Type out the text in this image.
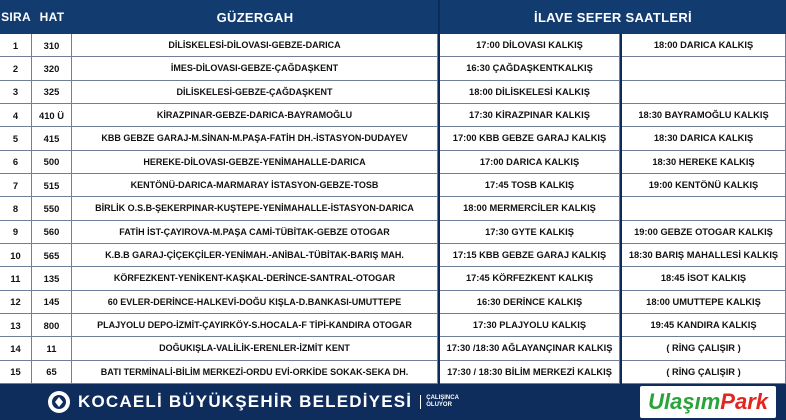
SIRA HAT	GÜZERGAH	İLAVE SEFER SAATLERİ
1	310	DİLİSKELESİ-DİLOVASI-GEBZE-DARICA	17:00 DİLOVASI KALKIŞ	18:00 DARICA KALKIŞ
2	320	İMES-DİLOVASI-GEBZE-ÇAĞDAŞKENT	16:30 ÇAĞDAŞKENTKALKIŞ
3	325	DİLİSKELESİ-GEBZE-ÇAĞDAŞKENT	18:00 DİLİSKELESİ KALKIŞ
4	410 Ü	KİRAZPINAR-GEBZE-DARICA-BAYRAMOĞLU	17:30 KİRAZPINAR KALKIŞ	18:30 BAYRAMOĞLU KALKIŞ
5	415	KBB GEBZE GARAJ-M.SİNAN-M.PAŞA-FATİH DH.-İSTASYON-DUDAYEV	17:00 KBB GEBZE GARAJ KALKIŞ	18:30 DARICA KALKIŞ
6	500	HEREKE-DİLOVASI-GEBZE-YENİMAHALLE-DARICA	17:00 DARICA KALKIŞ	18:30 HEREKE KALKIŞ
7	515	KENTÖNÜ-DARICA-MARMARAY İSTASYON-GEBZE-TOSB	17:45 TOSB KALKIŞ	19:00 KENTÖNÜ KALKIŞ
8	550	BİRLİK O.S.B-ŞEKERPINAR-KUŞTEPE-YENİMAHALLE-İSTASYON-DARICA	18:00 MERMERCİLER KALKIŞ
9	560	FATİH İST-ÇAYIROVA-M.PAŞA CAMİ-TÜBİTAK-GEBZE OTOGAR	17:30 GYTE KALKIŞ	19:00 GEBZE OTOGAR KALKIŞ
10	565	K.B.B GARAJ-ÇİÇEKÇİLER-YENİMAH.-ANİBAL-TÜBİTAK-BARIŞ MAH.	17:15 KBB GEBZE GARAJ KALKIŞ	18:30 BARIŞ MAHALLESİ KALKIŞ
11	135	KÖRFEZKENT-YENİKENT-KAŞKAL-DERİNCE-SANTRAL-OTOGAR	17:45 KÖRFEZKENT KALKIŞ	18:45 İSOT KALKIŞ
12	145	60 EVLER-DERİNCE-HALKEVİ-DOĞU KIŞLA-D.BANKASI-UMUTTEPE	16:30 DERİNCE KALKIŞ	18:00 UMUTTEPE KALKIŞ
13	800	PLAJYOLU DEPO-İZMİT-ÇAYIRKÖY-S.HOCALA-F TİPİ-KANDIRA OTOGAR	17:30 PLAJYOLU KALKIŞ	19:45 KANDIRA KALKIŞ
14	11	DOĞUKIŞLA-VALİLİK-ERENLER-İZMİT KENT	17:30 /18:30 AĞLAYANÇINAR KALKIŞ	( RİNG ÇALIŞIR )
15	65	BATI TERMİNALİ-BİLİM MERKEZİ-ORDU EVİ-ORKİDE SOKAK-SEKA DH.	17:30 / 18:30 BİLİM MERKEZİ KALKIŞ	( RİNG ÇALIŞIR )
KOCAELİ BÜYÜKŞEHİR BELEDİYESİ ÇALIŞINCA
OLUYOR	Ulaşım Park
